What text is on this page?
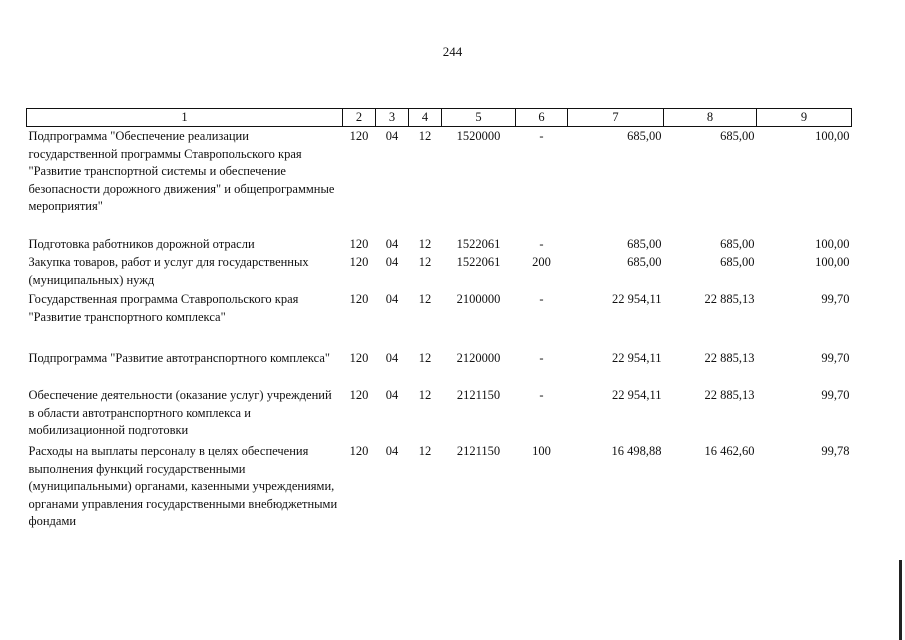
244
1	2	3	4	5	6	7	8	9
Подпрограмма "Обеспечение реализации государственной программы Ставропольского края "Развитие транспортной системы и обеспечение безопасности дорожного движения" и общепрограммные мероприятия"	120	04	12	1520000	-	685,00	685,00	100,00
Подготовка работников дорожной отрасли	120	04	12	1522061	-	685,00	685,00	100,00
Закупка товаров, работ и услуг для государственных (муниципальных) нужд	120	04	12	1522061	200	685,00	685,00	100,00
Государственная программа Ставропольского края "Развитие транспортного комплекса"	120	04	12	2100000	-	22 954,11	22 885,13	99,70
Подпрограмма "Развитие автотранспортного комплекса"	120	04	12	2120000	-	22 954,11	22 885,13	99,70
Обеспечение деятельности (оказание услуг) учреждений в области автотранспортного комплекса и мобилизационной подготовки	120	04	12	2121150	-	22 954,11	22 885,13	99,70
Расходы на выплаты персоналу в целях обеспечения выполнения функций государственными (муниципальными) органами, казенными учреждениями, органами управления государственными внебюджетными фондами	120	04	12	2121150	100	16 498,88	16 462,60	99,78
